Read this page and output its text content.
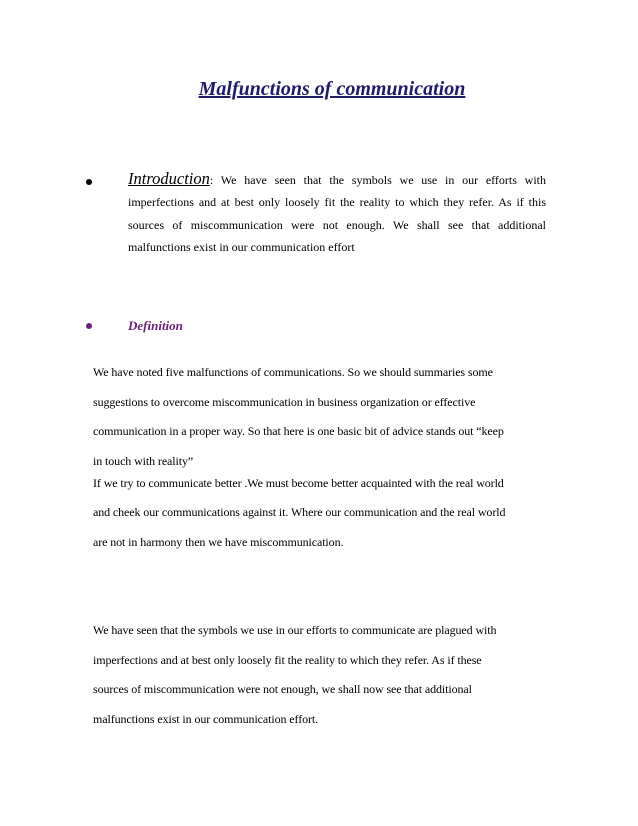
Malfunctions of communication

Introduction: We have seen that the symbols we use in our efforts with imperfections and at best only loosely fit the reality to which they refer. As if this sources of miscommunication were not enough. We shall see that additional malfunctions exist in our communication effort

Definition

We have noted five malfunctions of communications. So we should summaries some
suggestions to overcome miscommunication in business organization or effective
communication in a proper way. So that here is one basic bit of advice stands out “keep
in touch with reality”
If we try to communicate better .We must become better acquainted with the real world
and cheek our communications against it. Where our communication and the real world
are not in harmony then we have miscommunication.

We have seen that the symbols we use in our efforts to communicate are plagued with
imperfections and at best only loosely fit the reality to which they refer. As if these
sources of miscommunication were not enough, we shall now see that additional
malfunctions exist in our communication effort.
